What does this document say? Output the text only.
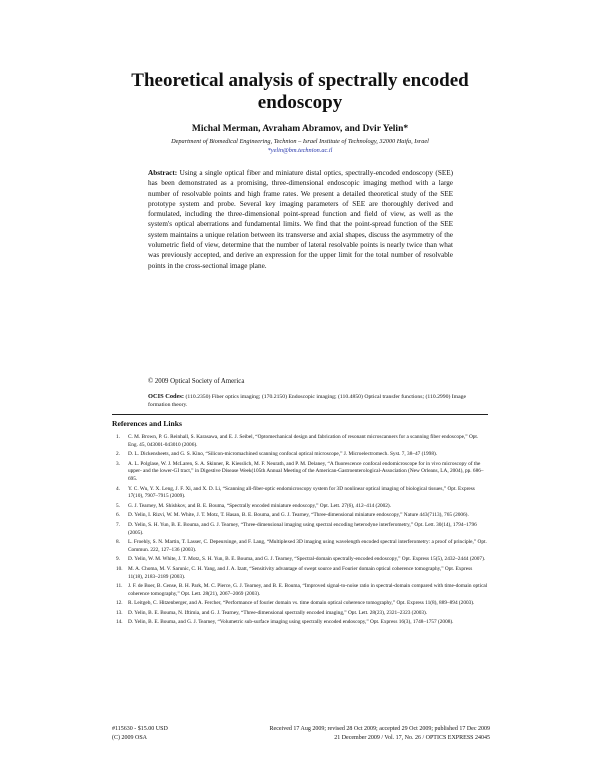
Theoretical analysis of spectrally encoded
endoscopy

Michal Merman, Avraham Abramov, and Dvir Yelin*

Department of Biomedical Engineering, Technion – Israel Institute of Technology, 32000 Haifa, Israel
*yelin@bm.technion.ac.il

Abstract: Using a single optical fiber and miniature distal optics, spectrally-encoded endoscopy (SEE) has been demonstrated as a promising, three-dimensional endoscopic imaging method with a large number of resolvable points and high frame rates. We present a detailed theoretical study of the SEE prototype system and probe. Several key imaging parameters of SEE are thoroughly derived and formulated, including the three-dimensional point-spread function and field of view, as well as the system's optical aberrations and fundamental limits. We find that the point-spread function of the SEE system maintains a unique relation between its transverse and axial shapes, discuss the asymmetry of the volumetric field of view, determine that the number of lateral resolvable points is nearly twice than what was previously accepted, and derive an expression for the upper limit for the total number of resolvable points in the cross-sectional image plane.

© 2009 Optical Society of America

OCIS Codes: (110.2350) Fiber optics imaging; (170.2150) Endoscopic imaging; (110.4850) Optical transfer functions; (110.2990) Image formation theory.

References and Links

1. C. M. Brown, P. G. Reinhall, S. Karasawa, and E. J. Seibel, “Optomechanical design and fabrication of resonant microscanners for a scanning fiber endoscope,” Opt. Eng. 45, 043001-043010 (2006).
2. D. L. Dickensheets, and G. S. Kino, “Silicon-micromachined scanning confocal optical microscope,” J. Microelectromech. Syst. 7, 38–47 (1998).
3. A. L. Polglase, W. J. McLaren, S. A. Skinner, R. Kiesslich, M. F. Neurath, and P. M. Delaney, “A fluorescence confocal endomicroscope for in vivo microscopy of the upper- and the lower-GI tract,” in Digestive Disease Week(105th Annual Meeting of the American-Gastroenterological-Association (New Orleans, LA, 2004), pp. 686–695.
4. Y. C. Wu, Y. X. Leng, J. F. Xi, and X. D. Li, “Scanning all-fiber-optic endomicroscopy system for 3D nonlinear optical imaging of biological tissues,” Opt. Express 17(10), 7907–7915 (2009).
5. G. J. Tearney, M. Shishkov, and B. E. Bouma, “Spectrally encoded miniature endoscopy,” Opt. Lett. 27(6), 412–414 (2002).
6. D. Yelin, I. Rizvi, W. M. White, J. T. Motz, T. Hasan, B. E. Bouma, and G. J. Tearney, “Three-dimensional miniature endoscopy,” Nature 443(7113), 765 (2006).
7. D. Yelin, S. H. Yun, B. E. Bouma, and G. J. Tearney, “Three-dimensional imaging using spectral encoding heterodyne interferometry,” Opt. Lett. 30(14), 1794–1796 (2005).
8. L. Froehly, S. N. Martin, T. Lasser, C. Depeursinge, and F. Lang, “Multiplexed 3D imaging using wavelength encoded spectral interferometry: a proof of principle,” Opt. Commun. 222, 127–136 (2003).
9. D. Yelin, W. M. White, J. T. Motz, S. H. Yun, B. E. Bouma, and G. J. Tearney, “Spectral-domain spectrally-encoded endoscopy,” Opt. Express 15(5), 2432–2444 (2007).
10. M. A. Choma, M. V. Sarunic, C. H. Yang, and J. A. Izatt, “Sensitivity advantage of swept source and Fourier domain optical coherence tomography,” Opt. Express 11(18), 2183–2189 (2003).
11. J. F. de Boer, B. Cense, B. H. Park, M. C. Pierce, G. J. Tearney, and B. E. Bouma, “Improved signal-to-noise ratio in spectral-domain compared with time-domain optical coherence tomography,” Opt. Lett. 28(21), 2067–2069 (2003).
12. R. Leitgeb, C. Hitzenberger, and A. Fercher, “Performance of fourier domain vs. time domain optical coherence tomography,” Opt. Express 11(8), 889–894 (2003).
13. D. Yelin, B. E. Bouma, N. Iftimia, and G. J. Tearney, “Three-dimensional spectrally encoded imaging,” Opt. Lett. 28(23), 2321–2323 (2003).
14. D. Yelin, B. E. Bouma, and G. J. Tearney, “Volumetric sub-surface imaging using spectrally encoded endoscopy,” Opt. Express 16(3), 1748–1757 (2008).
#115630 - $15.00 USD	Received 17 Aug 2009; revised 28 Oct 2009; accepted 29 Oct 2009; published 17 Dec 2009
(C) 2009 OSA	21 December 2009 / Vol. 17, No. 26 / OPTICS EXPRESS 24045
